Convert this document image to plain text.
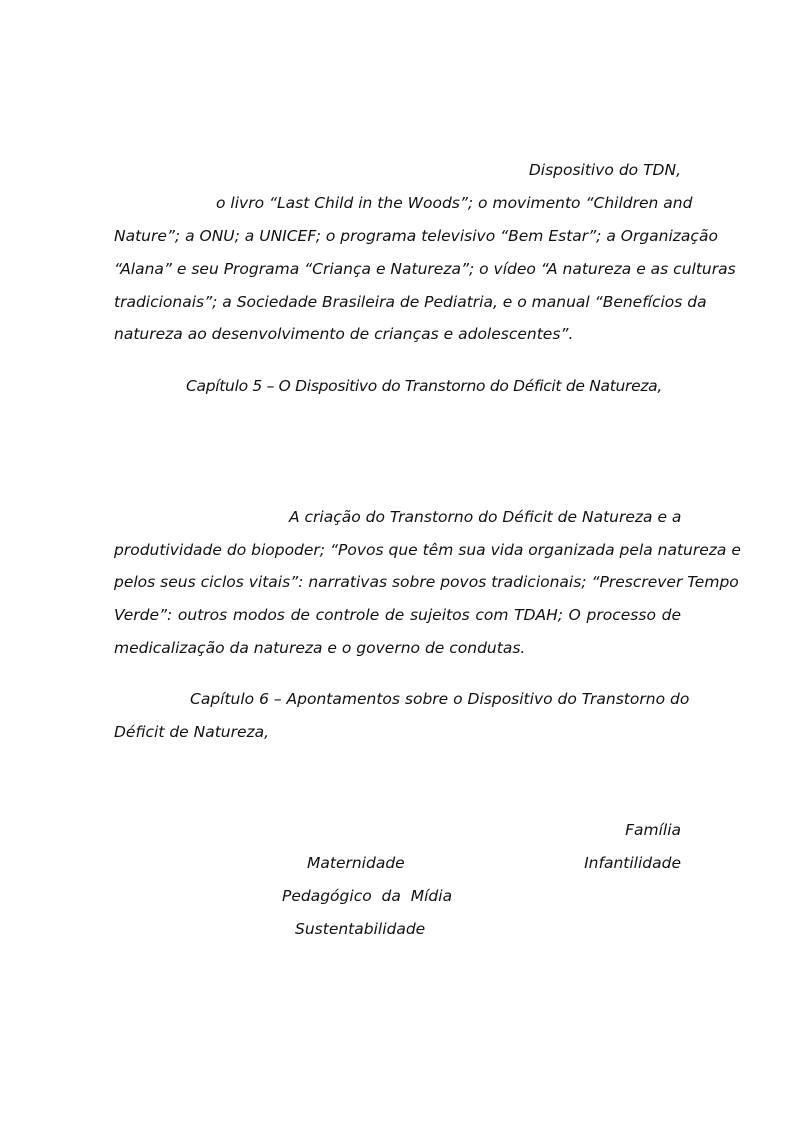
Dispositivo do TDN,
o livro “Last Child in the Woods”; o movimento “Children and
Nature”; a ONU; a UNICEF; o programa televisivo “Bem Estar”; a Organização
“Alana” e seu Programa “Criança e Natureza”; o vídeo “A natureza e as culturas
tradicionais”; a Sociedade Brasileira de Pediatria, e o manual “Benefícios da
natureza ao desenvolvimento de crianças e adolescentes”.
Capítulo 5 – O Dispositivo do Transtorno do Déficit de Natureza,
A criação do Transtorno do Déficit de Natureza e a
produtividade do biopoder; “Povos que têm sua vida organizada pela natureza e
pelos seus ciclos vitais”: narrativas sobre povos tradicionais; “Prescrever Tempo
Verde”: outros modos de controle de sujeitos com TDAH; O processo de
medicalização da natureza e o governo de condutas.
Capítulo 6 – Apontamentos sobre o Dispositivo do Transtorno do
Déficit de Natureza,
Família
Maternidade	Infantilidade
Pedagógico  da  Mídia
Sustentabilidade
